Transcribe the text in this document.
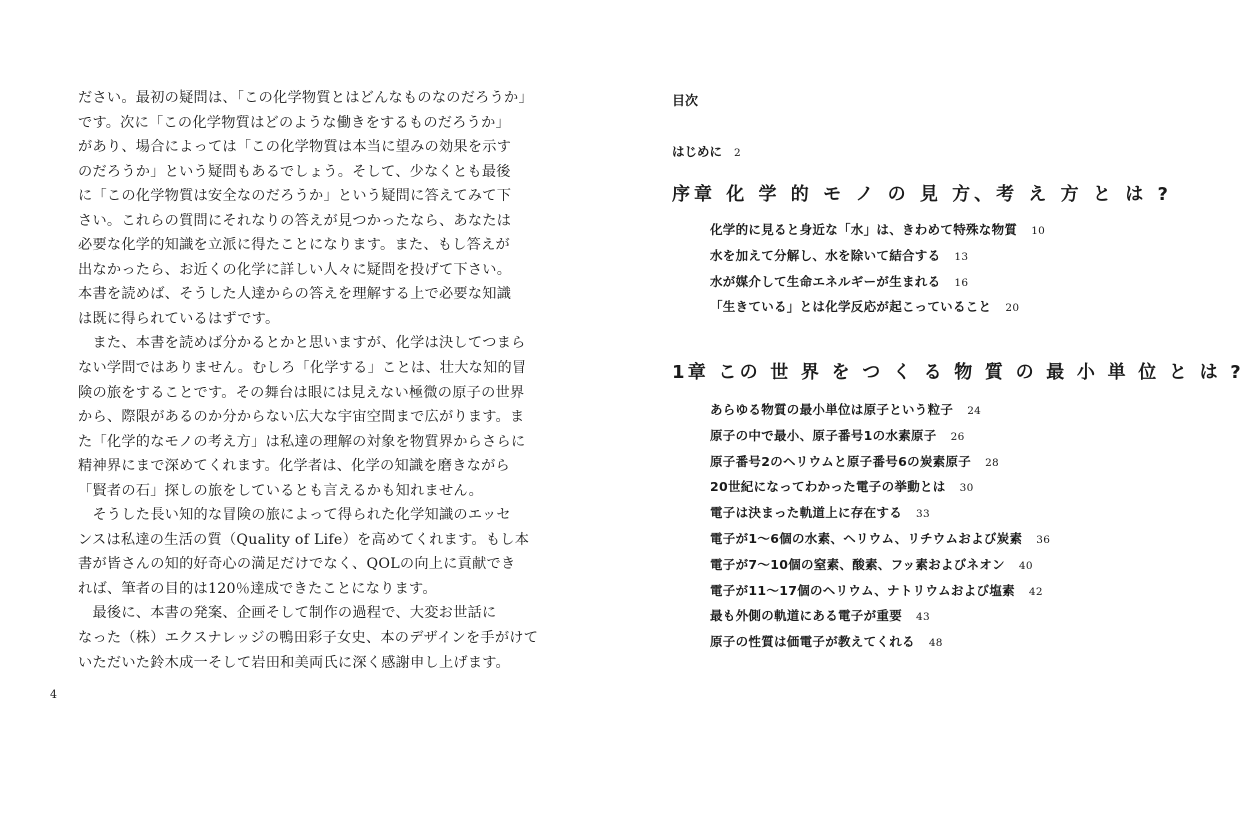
ださい。最初の疑問は、「この化学物質とはどんなものなのだろうか」
です。次に「この化学物質はどのような働きをするものだろうか」
があり、場合によっては「この化学物質は本当に望みの効果を示す
のだろうか」という疑問もあるでしょう。そして、少なくとも最後
に「この化学物質は安全なのだろうか」という疑問に答えてみて下
さい。これらの質問にそれなりの答えが見つかったなら、あなたは
必要な化学的知識を立派に得たことになります。また、もし答えが
出なかったら、お近くの化学に詳しい人々に疑問を投げて下さい。
本書を読めば、そうした人達からの答えを理解する上で必要な知識
は既に得られているはずです。
　また、本書を読めば分かるとかと思いますが、化学は決してつまら
ない学問ではありません。むしろ「化学する」ことは、壮大な知的冒
険の旅をすることです。その舞台は眼には見えない極微の原子の世界
から、際限があるのか分からない広大な宇宙空間まで広がります。ま
た「化学的なモノの考え方」は私達の理解の対象を物質界からさらに
精神界にまで深めてくれます。化学者は、化学の知識を磨きながら
「賢者の石」探しの旅をしているとも言えるかも知れません。
　そうした長い知的な冒険の旅によって得られた化学知識のエッセ
ンスは私達の生活の質（Quality of Life）を高めてくれます。もし本
書が皆さんの知的好奇心の満足だけでなく、QOLの向上に貢献でき
れば、筆者の目的は120％達成できたことになります。
　最後に、本書の発案、企画そして制作の過程で、大変お世話に
なった（株）エクスナレッジの鴨田彩子女史、本のデザインを手がけて
いただいた鈴木成一そして岩田和美両氏に深く感謝申し上げます。
4
目次
はじめに 2
序章 化 学 的 モ ノ の 見 方、考 え 方 と は ?
化学的に見ると身近な「水」は、きわめて特殊な物質 10
水を加えて分解し、水を除いて結合する 13
水が媒介して生命エネルギーが生まれる 16
「生きている」とは化学反応が起こっていること 20
1章 この 世 界 を つ く る 物 質 の 最 小 単 位 と は ?
あらゆる物質の最小単位は原子という粒子 24
原子の中で最小、原子番号1の水素原子 26
原子番号2のヘリウムと原子番号6の炭素原子 28
20世紀になってわかった電子の挙動とは 30
電子は決まった軌道上に存在する 33
電子が1〜6個の水素、ヘリウム、リチウムおよび炭素 36
電子が7〜10個の窒素、酸素、フッ素およびネオン 40
電子が11〜17個のヘリウム、ナトリウムおよび塩素 42
最も外側の軌道にある電子が重要 43
原子の性質は価電子が教えてくれる 48
